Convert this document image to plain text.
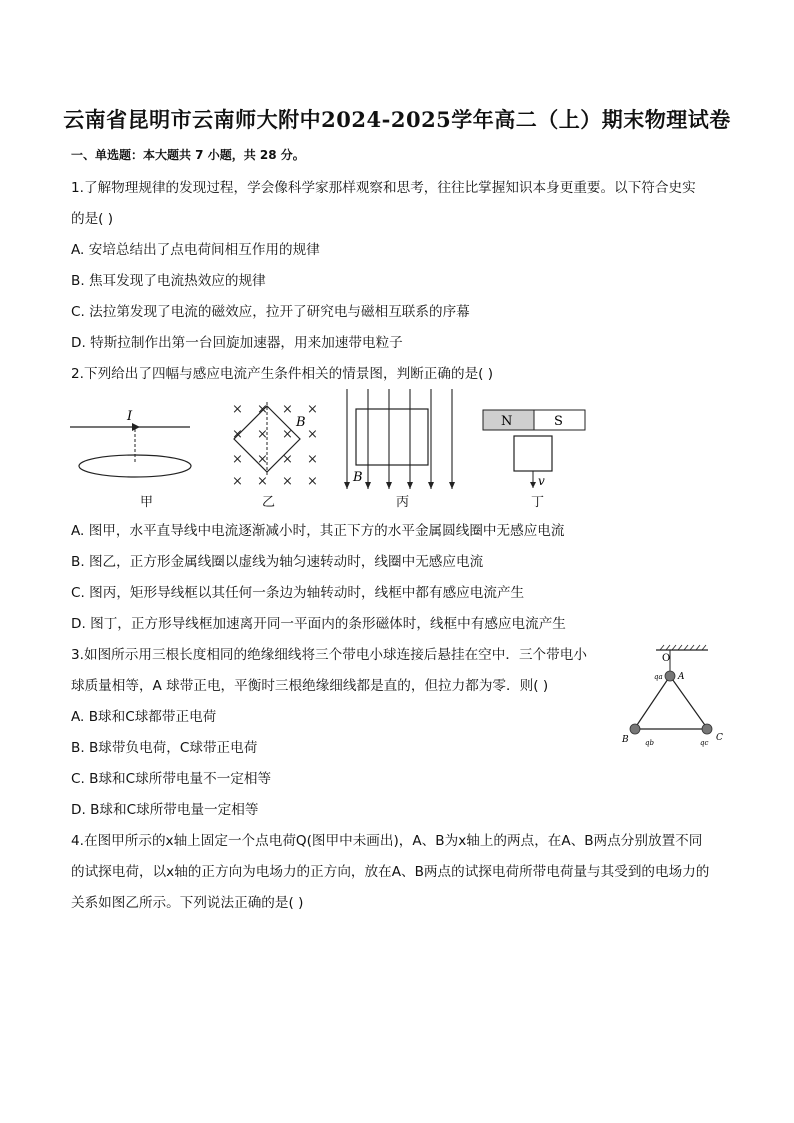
云南省昆明市云南师大附中2024-2025学年高二（上）期末物理试卷
一、单选题：本大题共 7 小题，共 28 分。
1.了解物理规律的发现过程，学会像科学家那样观察和思考，往往比掌握知识本身更重要。以下符合史实
的是( )
A. 安培总结出了点电荷间相互作用的规律
B. 焦耳发现了电流热效应的规律
C. 法拉第发现了电流的磁效应，拉开了研究电与磁相互联系的序幕
D. 特斯拉制作出第一台回旋加速器，用来加速带电粒子
2.下列给出了四幅与感应电流产生条件相关的情景图，判断正确的是( )
I	× × × ×
× × × ×
× × × ×
× × × ×
B
B
N	S
v
甲	乙	丙	丁
A. 图甲，水平直导线中电流逐渐减小时，其正下方的水平金属圆线圈中无感应电流
B. 图乙，正方形金属线圈以虚线为轴匀速转动时，线圈中无感应电流
C. 图丙，矩形导线框以其任何一条边为轴转动时，线框中都有感应电流产生
D. 图丁，正方形导线框加速离开同一平面内的条形磁体时，线框中有感应电流产生
3.如图所示用三根长度相同的绝缘细线将三个带电小球连接后悬挂在空中．三个带电小
球质量相等，A 球带正电，平衡时三根绝缘细线都是直的，但拉力都为零．则( )
A. B球和C球都带正电荷
B. B球带负电荷，C球带正电荷
C. B球和C球所带电量不一定相等
D. B球和C球所带电量一定相等
O
A
qa
B qb	C
qc
4.在图甲所示的x轴上固定一个点电荷Q(图甲中未画出)，A、B为x轴上的两点，在A、B两点分别放置不同
的试探电荷，以x轴的正方向为电场力的正方向，放在A、B两点的试探电荷所带电荷量与其受到的电场力的
关系如图乙所示。下列说法正确的是( )
